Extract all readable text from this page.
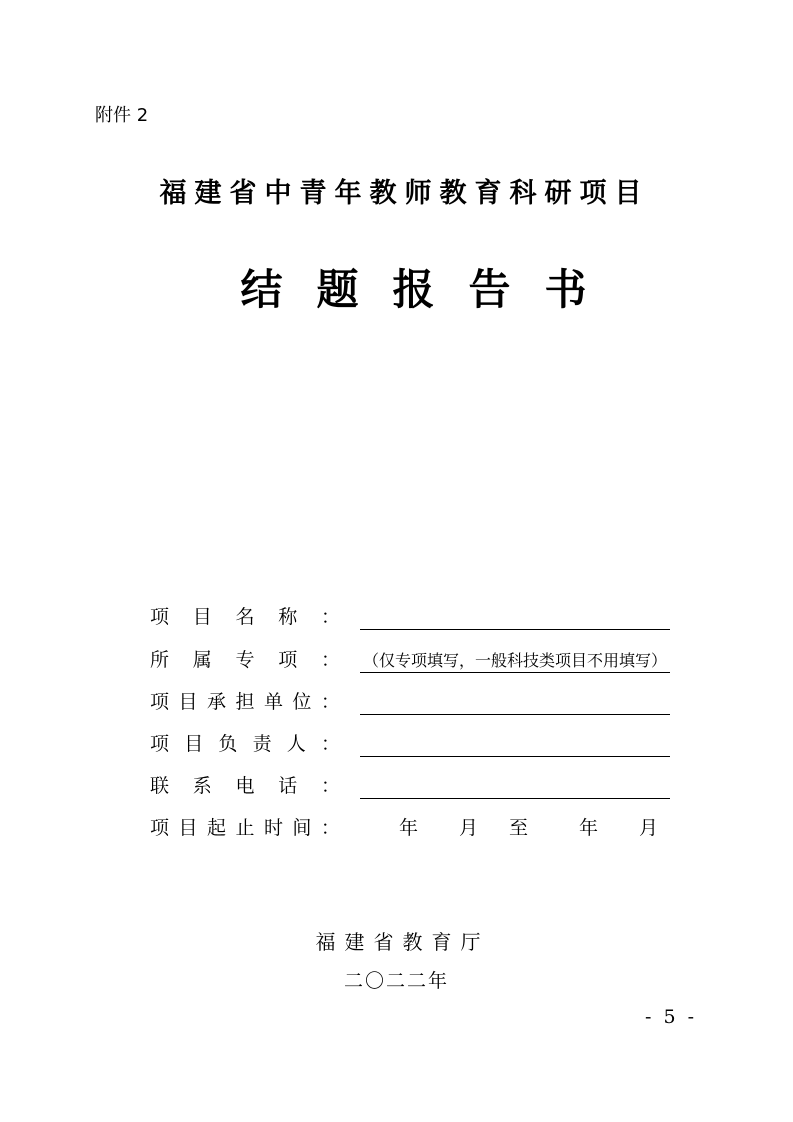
附件 2
福建省中青年教师教育科研项目
结题报告书
项 目 名 称 ：
所 属 专 项 ： （仅专项填写，一般科技类项目不用填写）
项 目 承 担 单 位 ：
项 目 负 责 人 ：
联 系 电 话 ：
项 目 起 止 时 间 ：	年 月 至	年 月
福建省教育厅
二〇二二年
- 5 -
